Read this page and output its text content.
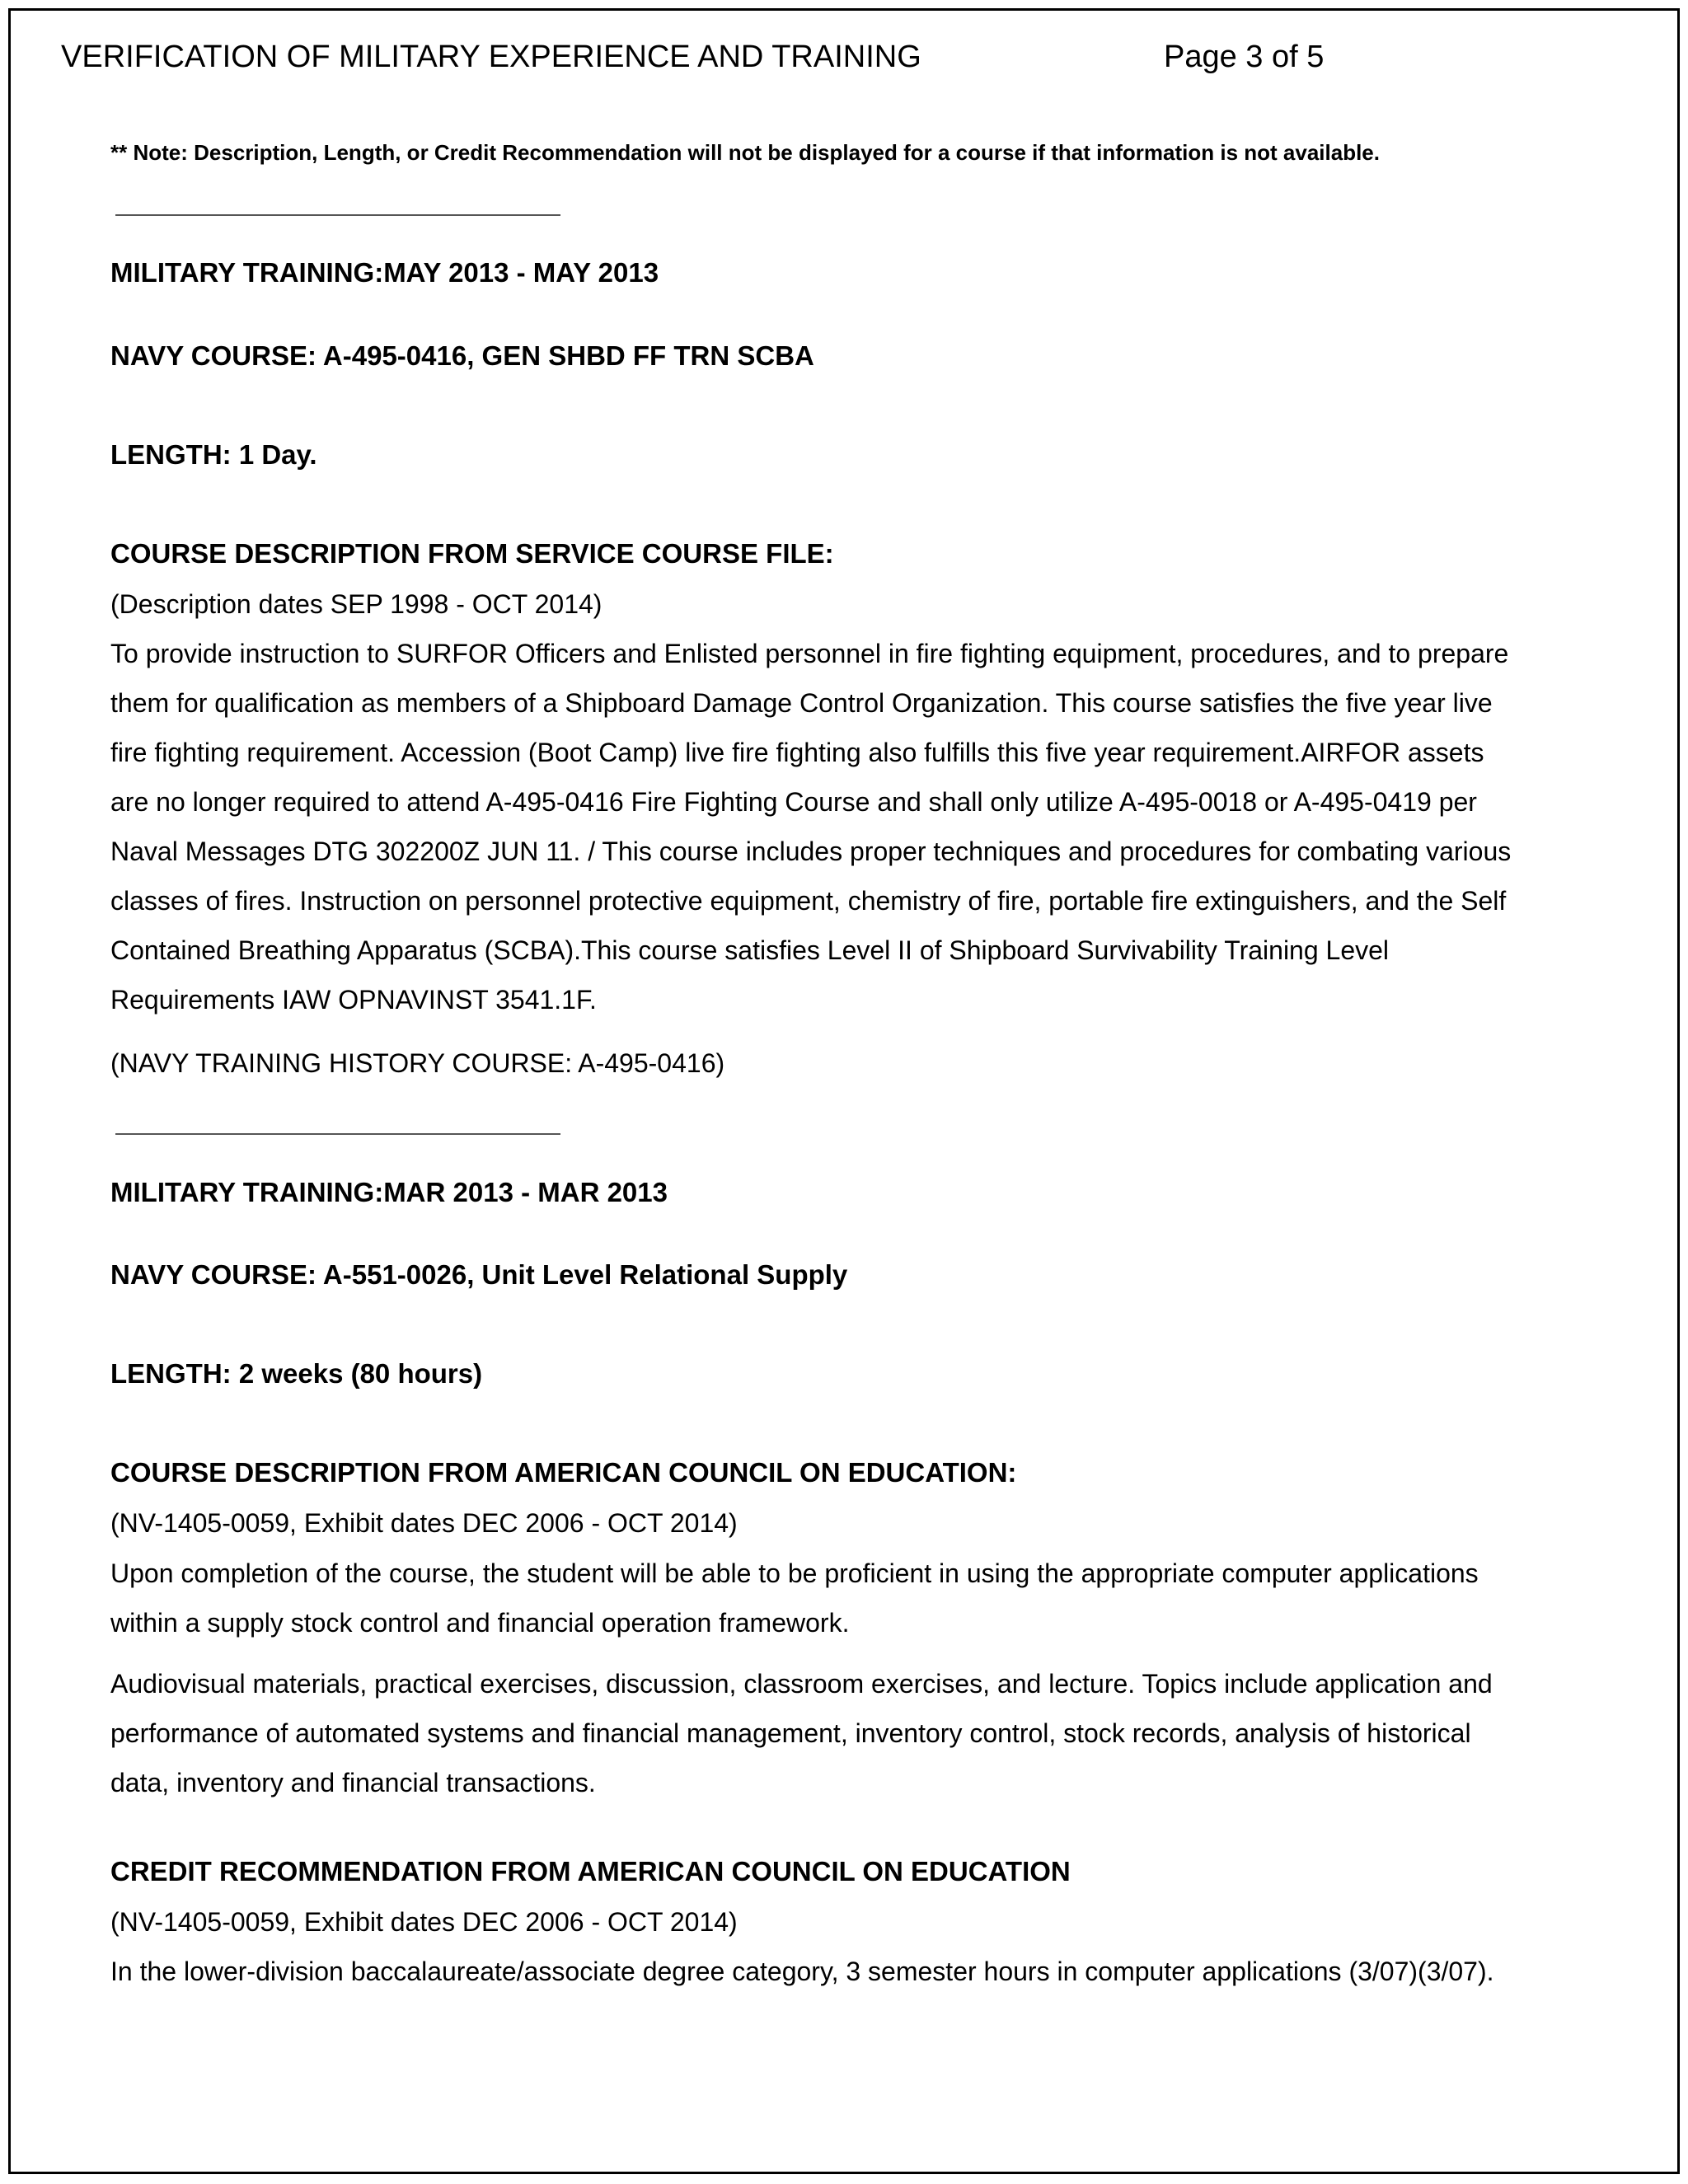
VERIFICATION OF MILITARY EXPERIENCE AND TRAINING	Page 3 of 5
** Note: Description, Length, or Credit Recommendation will not be displayed for a course if that information is not available.
MILITARY TRAINING:MAY 2013 - MAY 2013
NAVY COURSE: A-495-0416, GEN SHBD FF TRN SCBA
LENGTH: 1 Day.
COURSE DESCRIPTION FROM SERVICE COURSE FILE:
(Description dates SEP 1998 - OCT 2014)
To provide instruction to SURFOR Officers and Enlisted personnel in fire fighting equipment, procedures, and to prepare
them for qualification as members of a Shipboard Damage Control Organization. This course satisfies the five year live
fire fighting requirement. Accession (Boot Camp) live fire fighting also fulfills this five year requirement.AIRFOR assets
are no longer required to attend A-495-0416 Fire Fighting Course and shall only utilize A-495-0018 or A-495-0419 per
Naval Messages DTG 302200Z JUN 11. / This course includes proper techniques and procedures for combating various
classes of fires. Instruction on personnel protective equipment, chemistry of fire, portable fire extinguishers, and the Self
Contained Breathing Apparatus (SCBA).This course satisfies Level II of Shipboard Survivability Training Level
Requirements IAW OPNAVINST 3541.1F.
(NAVY TRAINING HISTORY COURSE: A-495-0416)
MILITARY TRAINING:MAR 2013 - MAR 2013
NAVY COURSE: A-551-0026, Unit Level Relational Supply
LENGTH: 2 weeks (80 hours)
COURSE DESCRIPTION FROM AMERICAN COUNCIL ON EDUCATION:
(NV-1405-0059, Exhibit dates DEC 2006 - OCT 2014)
Upon completion of the course, the student will be able to be proficient in using the appropriate computer applications
within a supply stock control and financial operation framework.
Audiovisual materials, practical exercises, discussion, classroom exercises, and lecture. Topics include application and
performance of automated systems and financial management, inventory control, stock records, analysis of historical
data, inventory and financial transactions.
CREDIT RECOMMENDATION FROM AMERICAN COUNCIL ON EDUCATION
(NV-1405-0059, Exhibit dates DEC 2006 - OCT 2014)
In the lower-division baccalaureate/associate degree category, 3 semester hours in computer applications (3/07)(3/07).
